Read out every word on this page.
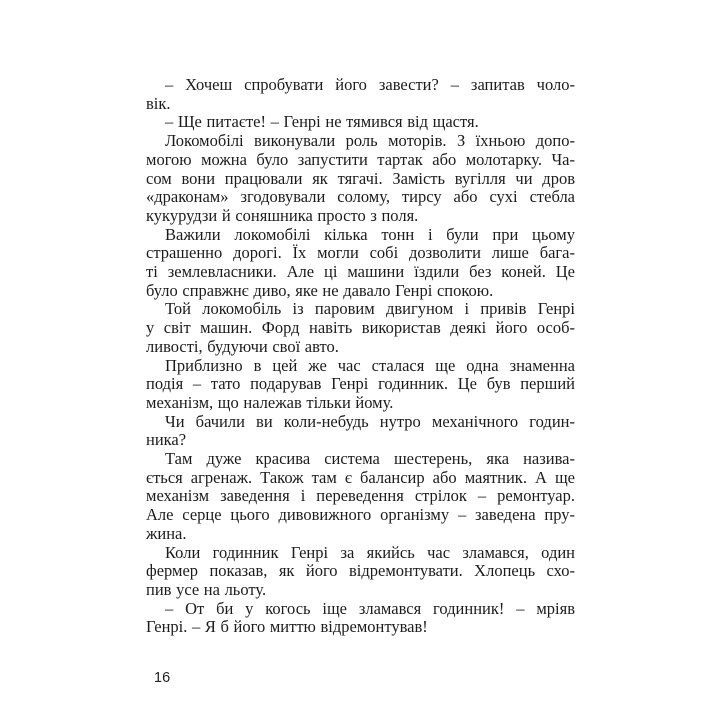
– Хочеш спробувати його завести? – запитав чоло-
вік.

– Ще питаєте! – Генрі не тямився від щастя.

Локомобілі виконували роль моторів. З їхньою допо-
могою можна було запустити тартак або молотарку. Ча-
сом вони працювали як тягачі. Замість вугілля чи дров
«драконам» згодовували солому, тирсу або сухі стебла
кукурудзи й соняшника просто з поля.

Важили локомобілі кілька тонн і були при цьому
страшенно дорогі. Їх могли собі дозволити лише бага-
ті землевласники. Але ці машини їздили без коней. Це
було справжнє диво, яке не давало Генрі спокою.

Той локомобіль із паровим двигуном і привів Генрі
у світ машин. Форд навіть використав деякі його особ-
ливості, будуючи свої авто.

Приблизно в цей же час сталася ще одна знаменна
подія – тато подарував Генрі годинник. Це був перший
механізм, що належав тільки йому.

Чи бачили ви коли-небудь нутро механічного годин-
ника?

Там дуже красива система шестерень, яка назива-
ється агренаж. Також там є балансир або маятник. А ще
механізм заведення і переведення стрілок – ремонтуар.
Але серце цього дивовижного організму – заведена пру-
жина.

Коли годинник Генрі за якийсь час зламався, один
фермер показав, як його відремонтувати. Хлопець схо-
пив усе на льоту.

– От би у когось іще зламався годинник! – мріяв
Генрі. – Я б його миттю відремонтував!

16
